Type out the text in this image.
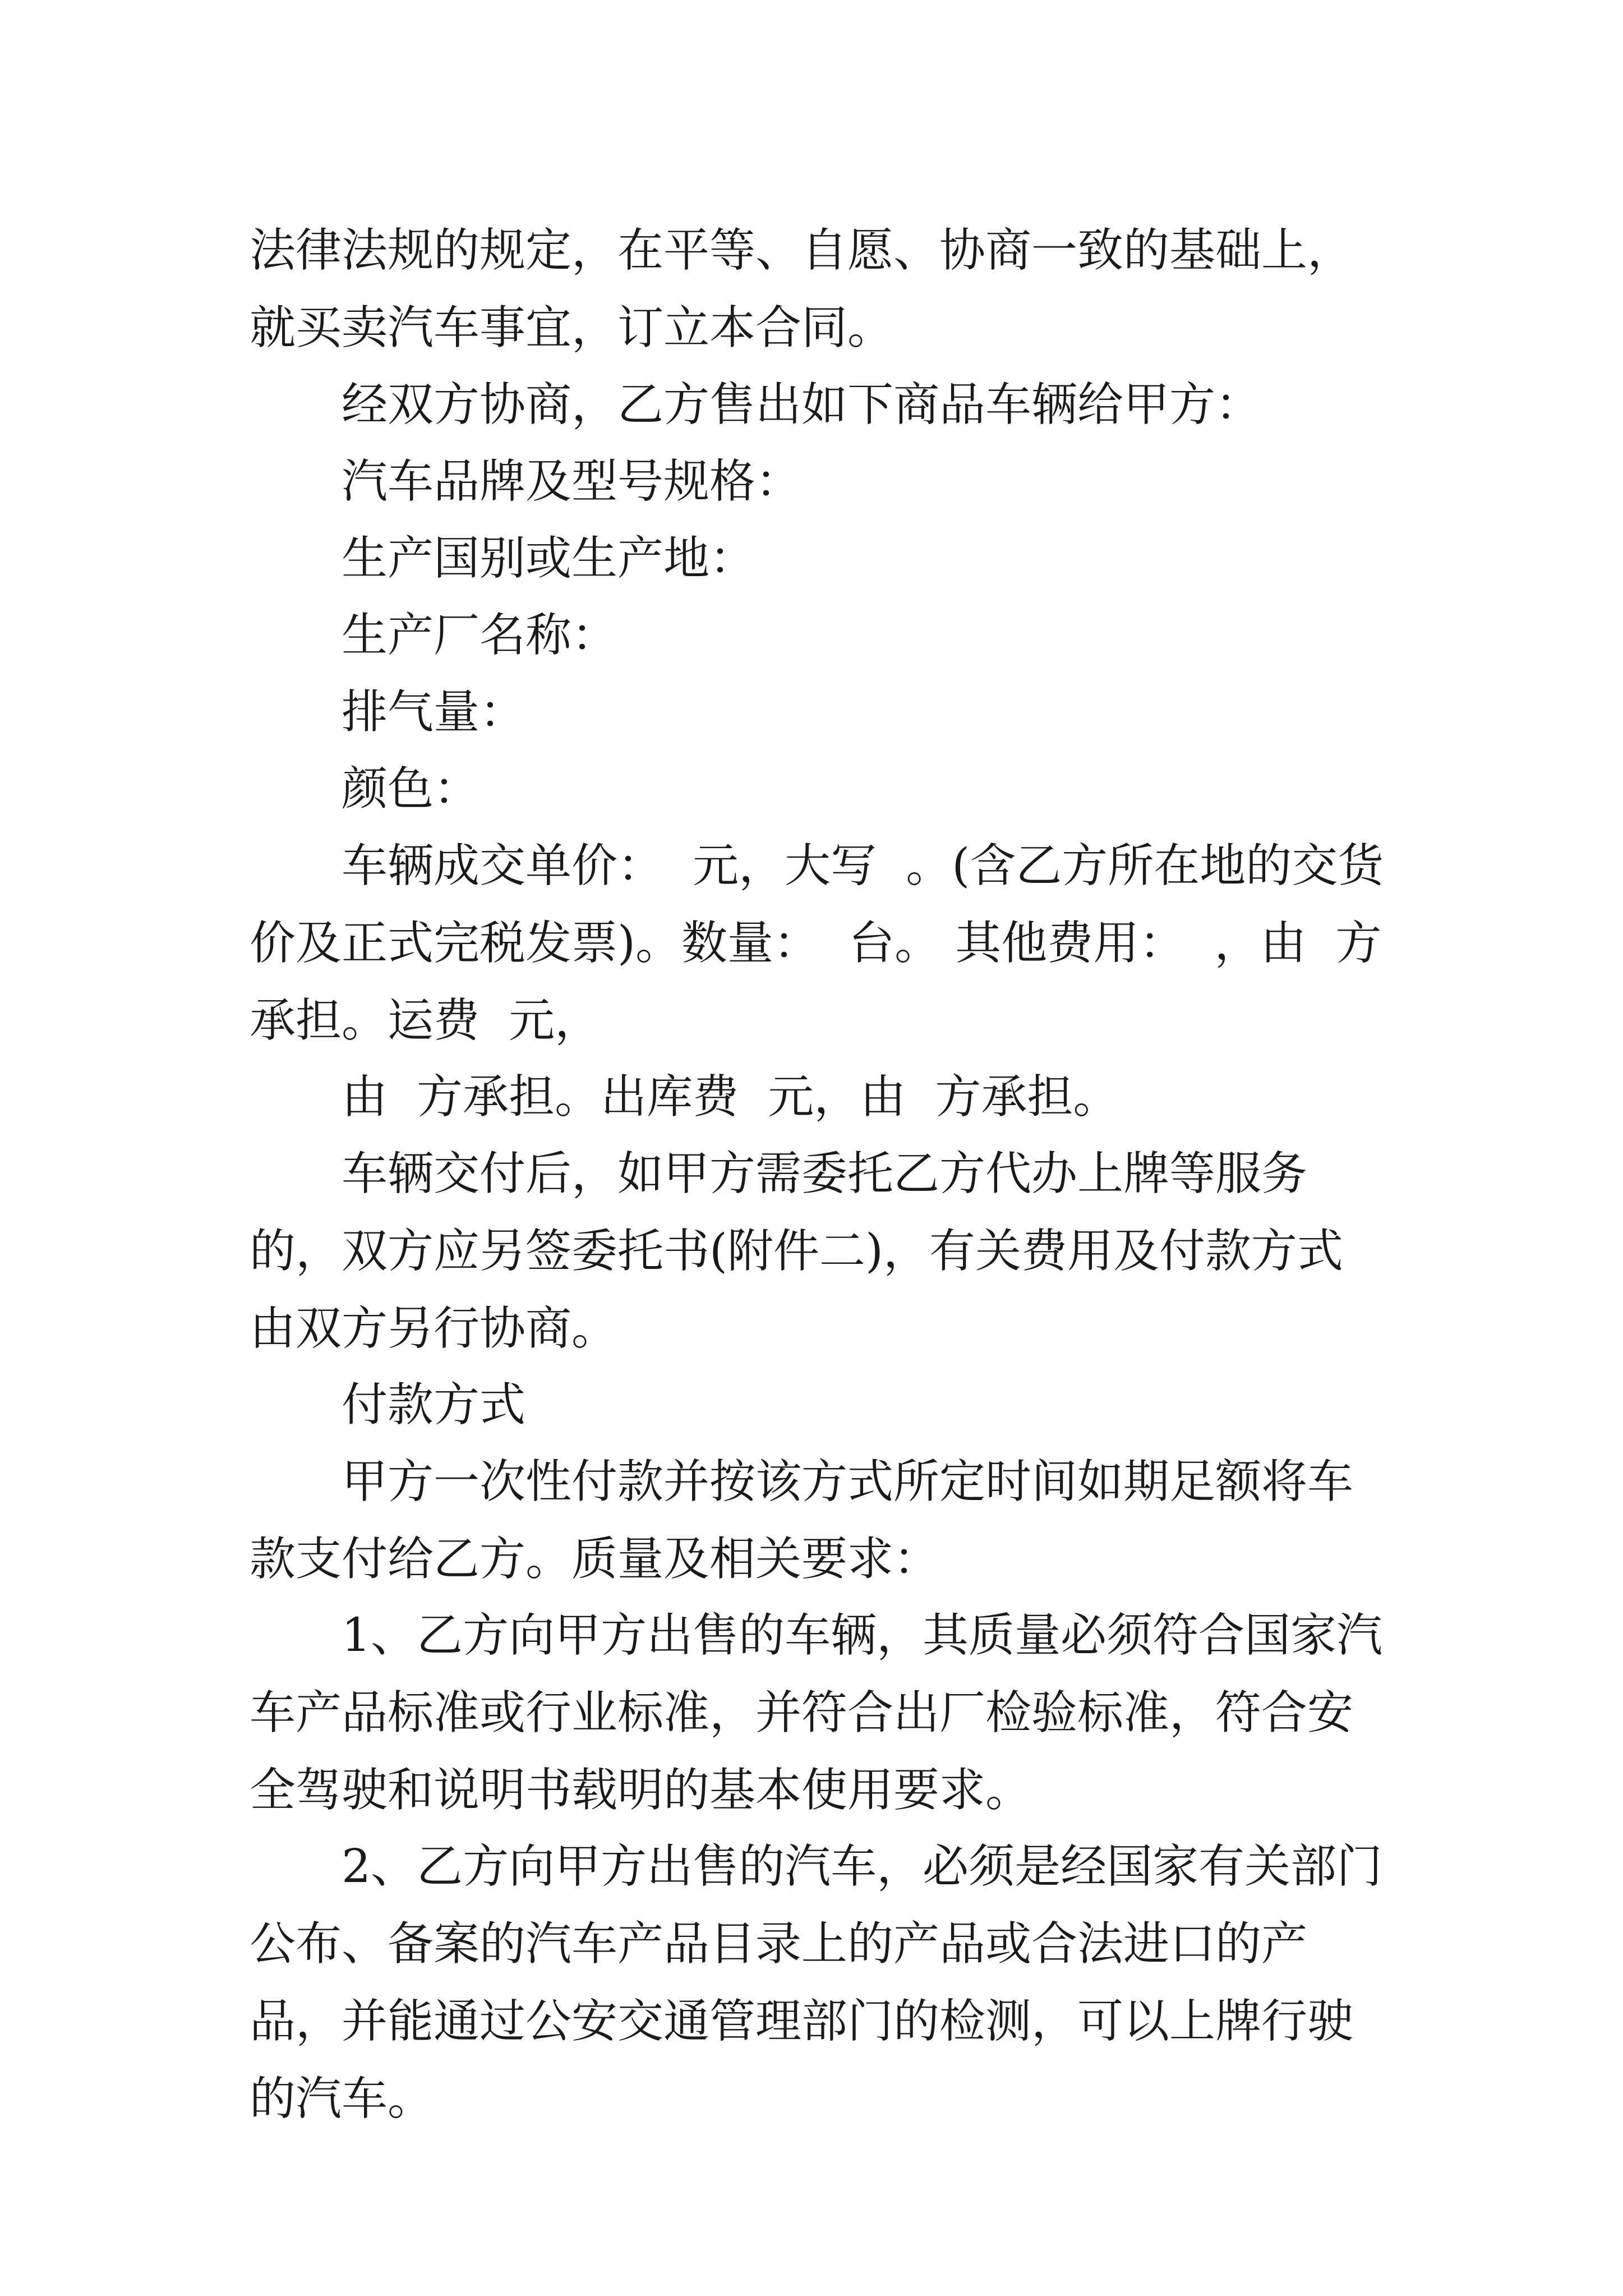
法律法规的规定，在平等、自愿、协商一致的基础上，就买卖汽车事宜，订立本合同。

经双方协商，乙方售出如下商品车辆给甲方：

汽车品牌及型号规格：

生产国别或生产地：

生产厂名称：

排气量：

颜色：

车辆成交单价：  元，大写  。(含乙方所在地的交货价及正式完税发票)。数量：  台。 其他费用：  ，由  方承担。运费  元，

由  方承担。出库费  元，由  方承担。

车辆交付后，如甲方需委托乙方代办上牌等服务的，双方应另签委托书(附件二)，有关费用及付款方式由双方另行协商。

付款方式

甲方一次性付款并按该方式所定时间如期足额将车款支付给乙方。质量及相关要求：

1、乙方向甲方出售的车辆，其质量必须符合国家汽车产品标准或行业标准，并符合出厂检验标准，符合安全驾驶和说明书载明的基本使用要求。

2、乙方向甲方出售的汽车，必须是经国家有关部门公布、备案的汽车产品目录上的产品或合法进口的产品，并能通过公安交通管理部门的检测，可以上牌行驶的汽车。
